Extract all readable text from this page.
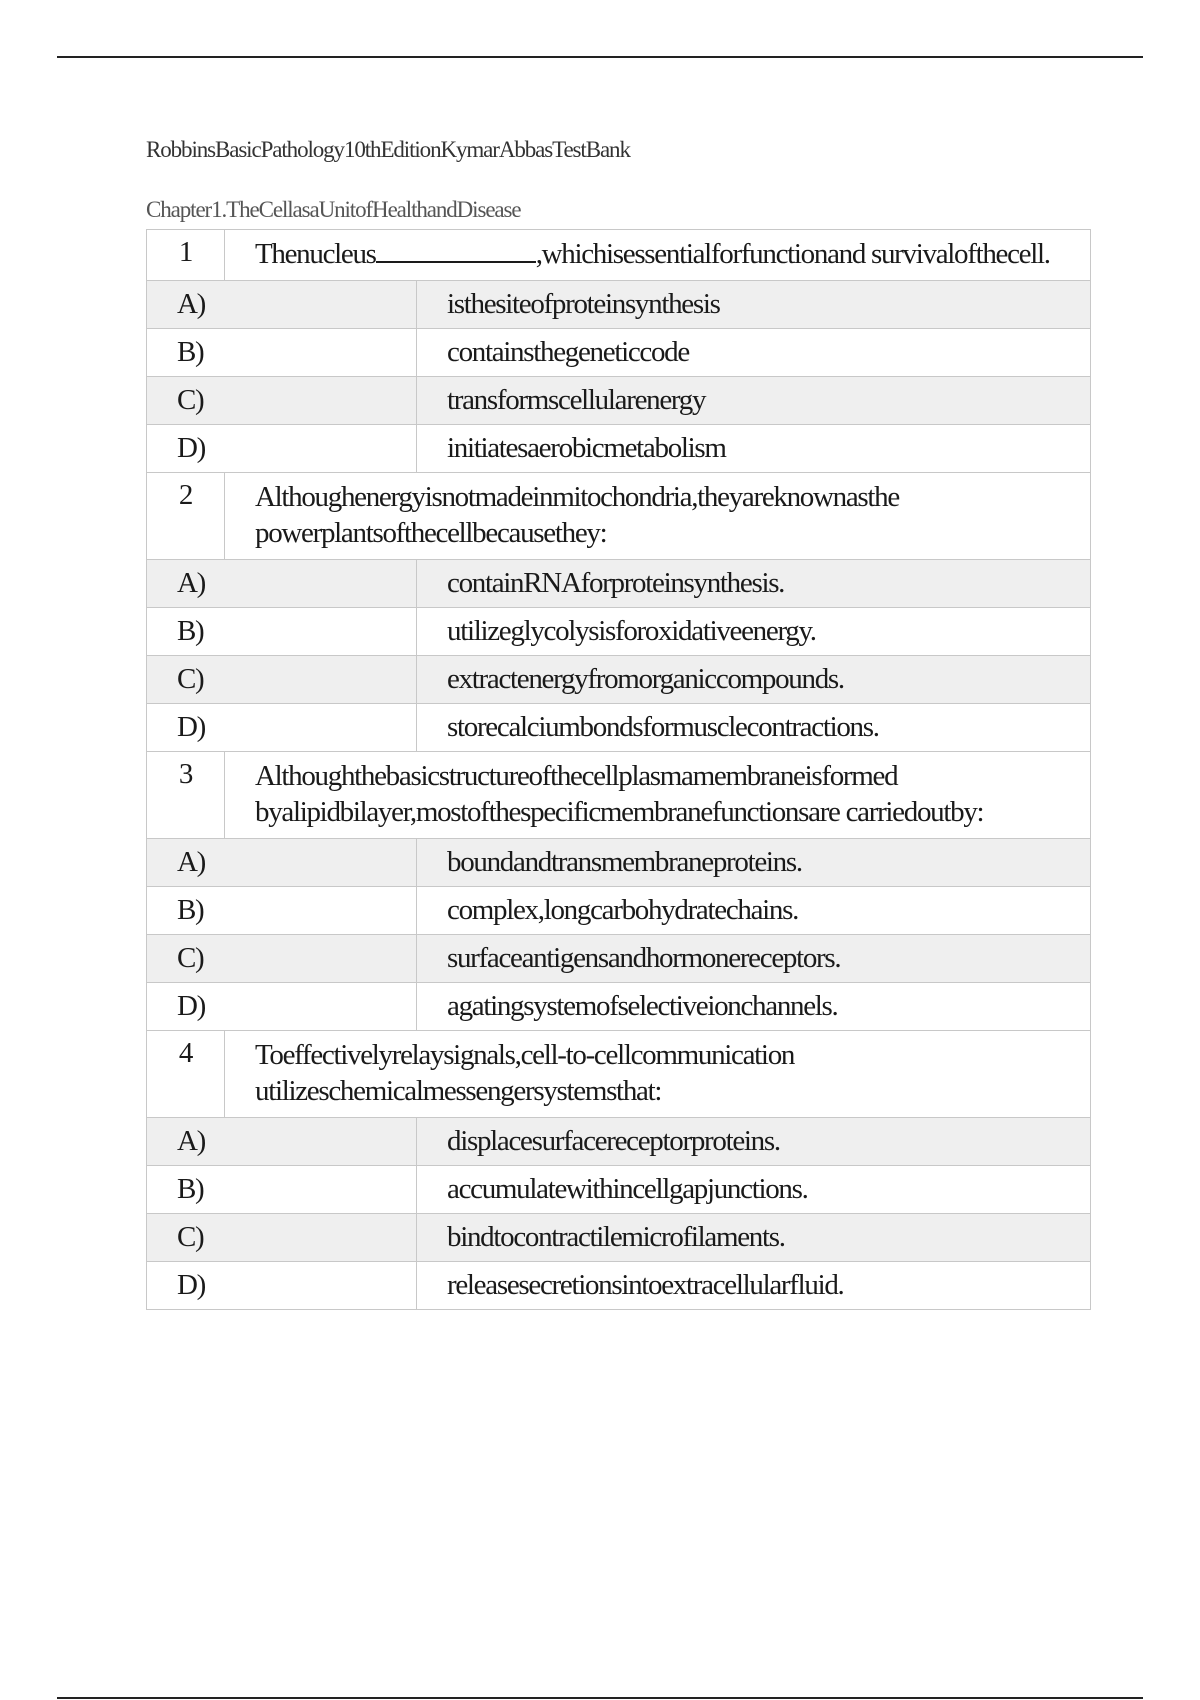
RobbinsBasicPathology10thEditionKymarAbbasTestBank
Chapter1.TheCellasaUnitofHealthandDisease
1	Thenucleus ,whichisessentialforfunctionand survivalofthecell.	
A)		isthesiteofproteinsynthesis
B)		containsthegeneticcode
C)		transformscellularenergy
D)		initiatesaerobicmetabolism
2	Althoughenergyisnotmadeinmitochondria,theyareknownasthe powerplantsofthecellbecausethey:	
A)		containRNAforproteinsynthesis.
B)		utilizeglycolysisforoxidativeenergy.
C)		extractenergyfromorganiccompounds.
D)		storecalciumbondsformusclecontractions.
3	Althoughthebasicstructureofthecellplasmamembraneisformed byalipidbilayer,mostofthespecificmembranefunctionsare carriedoutby:	
A)		boundandtransmembraneproteins.
B)		complex,longcarbohydratechains.
C)		surfaceantigensandhormonereceptors.
D)		agatingsystemofselectiveionchannels.
4	Toeffectivelyrelaysignals,cell-to-cellcommunication utilizeschemicalmessengersystemsthat:	
A)		displacesurfacereceptorproteins.
B)		accumulatewithincellgapjunctions.
C)		bindtocontractilemicrofilaments.
D)		releasesecretionsintoextracellularfluid.
